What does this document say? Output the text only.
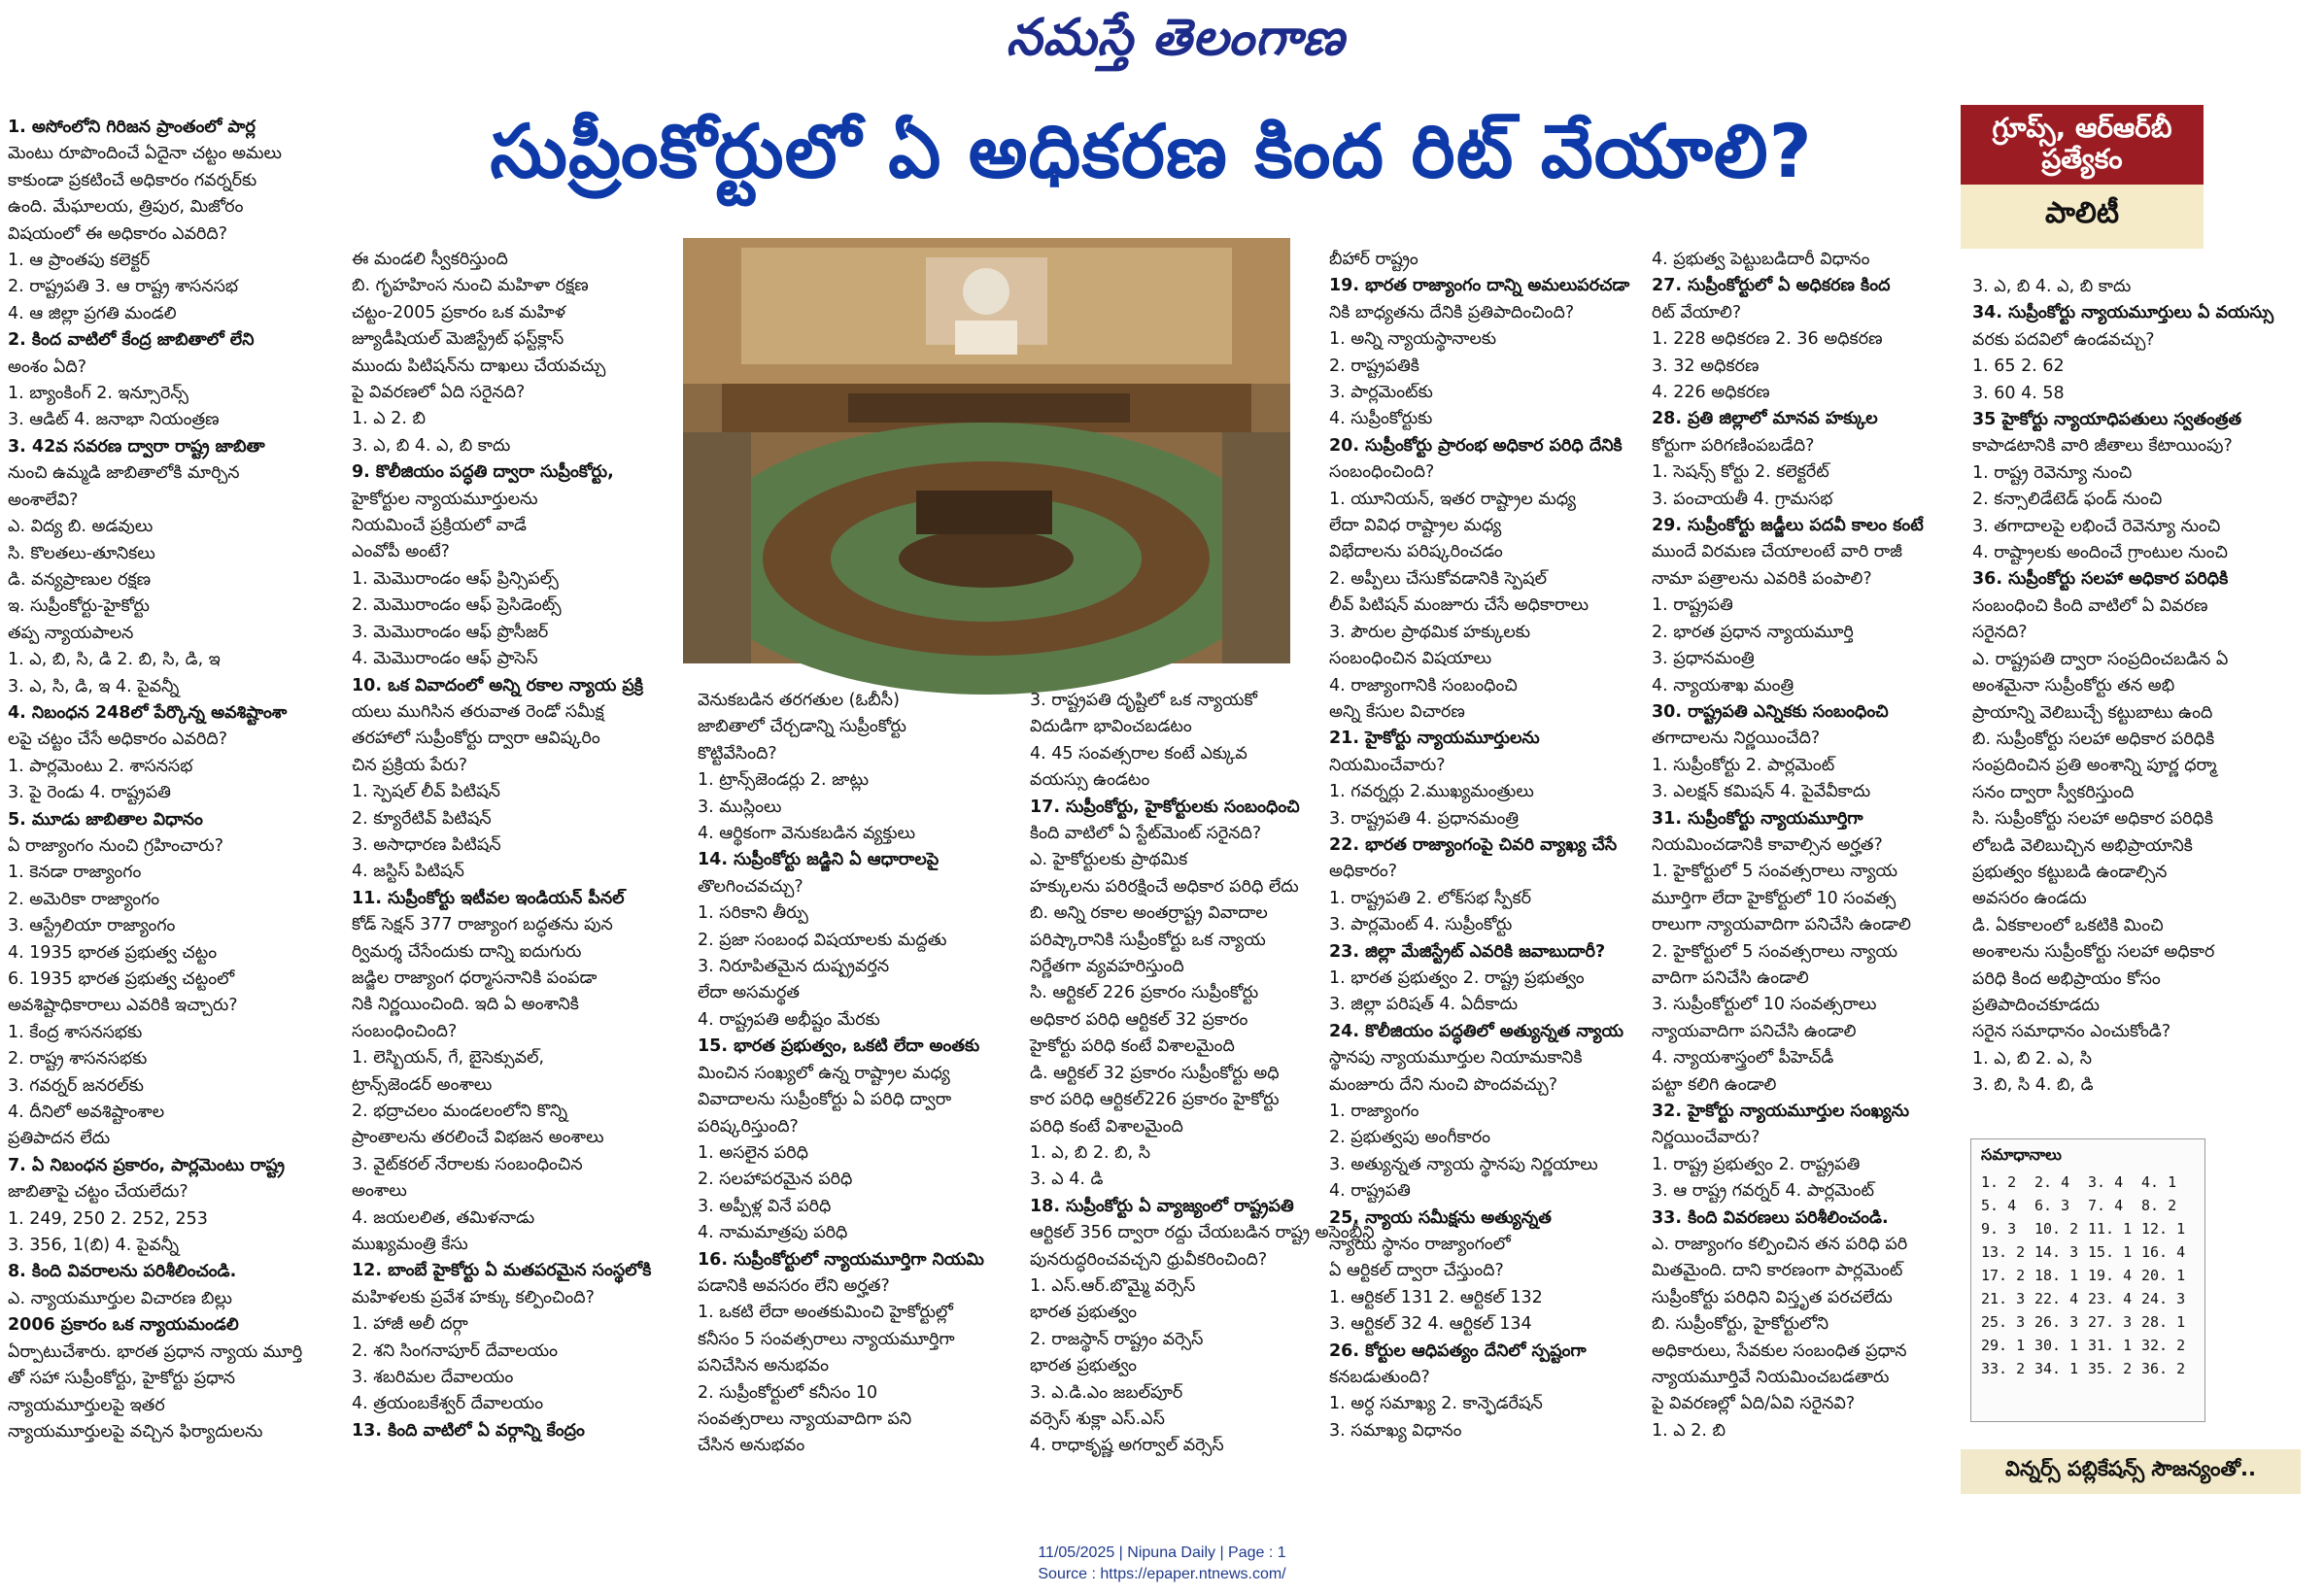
నమస్తే తెలంగాణ
సుప్రీంకోర్టులో ఏ అధికరణ కింద రిట్ వేయాలి?	గ్రూప్స్, ఆర్ఆర్‌బీ
ప్రత్యేకం
పాలిటీ
1. అసోంలోని గిరిజన ప్రాంతంలో పార్ల
మెంటు రూపొందించే ఏదైనా చట్టం అమలు
కాకుండా ప్రకటించే అధికారం గవర్నర్‌కు
ఉంది. మేఘాలయ, త్రిపుర, మిజోరం
విషయంలో ఈ అధికారం ఎవరిది?
1. ఆ ప్రాంతపు కలెక్టర్
2. రాష్ట్రపతి 3. ఆ రాష్ట్ర శాసనసభ
4. ఆ జిల్లా ప్రగతి మండలి
2. కింద వాటిలో కేంద్ర జాబితాలో లేని
అంశం ఏది?
1. బ్యాంకింగ్ 2. ఇన్సూరెన్స్
3. ఆడిట్ 4. జనాభా నియంత్రణ
3. 42వ సవరణ ద్వారా రాష్ట్ర జాబితా
నుంచి ఉమ్మడి జాబితాలోకి మార్చిన
అంశాలేవి?
ఎ. విద్య బి. అడవులు
సి. కొలతలు-తూనికలు
డి. వన్యప్రాణుల రక్షణ
ఇ. సుప్రీంకోర్టు-హైకోర్టు
తప్ప న్యాయపాలన
1. ఎ, బి, సి, డి 2. బి, సి, డి, ఇ
3. ఎ, సి, డి, ఇ 4. పైవన్నీ
4. నిబంధన 248లో పేర్కొన్న అవశిష్టాంశా
లపై చట్టం చేసే అధికారం ఎవరిది?
1. పార్లమెంటు 2. శాసనసభ
3. పై రెండు 4. రాష్ట్రపతి
5. మూడు జాబితాల విధానం
ఏ రాజ్యాంగం నుంచి గ్రహించారు?
1. కెనడా రాజ్యాంగం
2. అమెరికా రాజ్యాంగం
3. ఆస్ట్రేలియా రాజ్యాంగం
4. 1935 భారత ప్రభుత్వ చట్టం
6. 1935 భారత ప్రభుత్వ చట్టంలో
అవశిష్టాధికారాలు ఎవరికి ఇచ్చారు?
1. కేంద్ర శాసనసభకు
2. రాష్ట్ర శాసనసభకు
3. గవర్నర్ జనరల్‌కు
4. దీనిలో అవశిష్టాంశాల
ప్రతిపాదన లేదు
7. ఏ నిబంధన ప్రకారం, పార్లమెంటు రాష్ట్ర
జాబితాపై చట్టం చేయలేదు?
1. 249, 250 2. 252, 253
3. 356, 1(బి) 4. పైవన్నీ
8. కింది వివరాలను పరిశీలించండి.
ఎ. న్యాయమూర్తుల విచారణ బిల్లు
2006 ప్రకారం ఒక న్యాయమండలి
ఏర్పాటుచేశారు. భారత ప్రధాన న్యాయ మూర్తి
తో సహా సుప్రీంకోర్టు, హైకోర్టు ప్రధాన
న్యాయమూర్తులపై ఇతర
న్యాయమూర్తులపై వచ్చిన ఫిర్యాదులను
ఈ మండలి స్వీకరిస్తుంది
బి. గృహహింస నుంచి మహిళా రక్షణ
చట్టం-2005 ప్రకారం ఒక మహిళ
జ్యూడీషియల్ మెజిస్ట్రేట్ ఫస్ట్‌క్లాస్
ముందు పిటిషన్‌ను దాఖలు చేయవచ్చు
పై వివరణలో ఏది సరైనది?
1. ఎ 2. బి
3. ఎ, బి 4. ఎ, బి కాదు
9. కొలీజియం పద్ధతి ద్వారా సుప్రీంకోర్టు,
హైకోర్టుల న్యాయమూర్తులను
నియమించే ప్రక్రియలో వాడే
ఎంవోపీ అంటే?
1. మెమొరాండం ఆఫ్ ప్రిన్సిపల్స్
2. మెమొరాండం ఆఫ్ ప్రెసిడెంట్స్
3. మెమొరాండం ఆఫ్ ప్రొసీజర్
4. మెమొరాండం ఆఫ్ ప్రాసెస్
10. ఒక వివాదంలో అన్ని రకాల న్యాయ ప్రక్రి
యలు ముగిసిన తరువాత రెండో సమీక్ష
తరహాలో సుప్రీంకోర్టు ద్వారా ఆవిష్కరిం
చిన ప్రక్రియ పేరు?
1. స్పెషల్ లీవ్ పిటిషన్
2. క్యూరేటివ్ పిటిషన్
3. అసాధారణ పిటిషన్
4. జస్టిస్ పిటిషన్
11. సుప్రీంకోర్టు ఇటీవల ఇండియన్ పీనల్
కోడ్ సెక్షన్ 377 రాజ్యాంగ బద్ధతను పున
ర్విమర్శ చేసేందుకు దాన్ని ఐదుగురు
జడ్జిల రాజ్యాంగ ధర్మాసనానికి పంపడా
నికి నిర్ణయించింది. ఇది ఏ అంశానికి
సంబంధించింది?
1. లెస్బియన్, గే, బైసెక్సువల్,
ట్రాన్స్‌జెండర్ అంశాలు
2. భద్రాచలం మండలంలోని కొన్ని
ప్రాంతాలను తరలించే విభజన అంశాలు
3. వైట్‌కరల్ నేరాలకు సంబంధించిన
అంశాలు
4. జయలలిత, తమిళనాడు
ముఖ్యమంత్రి కేసు
12. బాంబే హైకోర్టు ఏ మతపరమైన సంస్థలోకి
మహిళలకు ప్రవేశ హక్కు కల్పించింది?
1. హాజీ అలీ దర్గా
2. శని సింగనాపూర్ దేవాలయం
3. శబరిమల దేవాలయం
4. త్రయంబకేశ్వర్ దేవాలయం
13. కింది వాటిలో ఏ వర్గాన్ని కేంద్రం
వెనుకబడిన తరగతుల (ఓబీసీ)
జాబితాలో చేర్చడాన్ని సుప్రీంకోర్టు
కొట్టివేసింది?
1. ట్రాన్స్‌జెండర్లు 2. జాట్లు
3. ముస్లింలు
4. ఆర్థికంగా వెనుకబడిన వ్యక్తులు
14. సుప్రీంకోర్టు జడ్జిని ఏ ఆధారాలపై
తొలగించవచ్చు?
1. సరికాని తీర్పు
2. ప్రజా సంబంధ విషయాలకు మద్దతు
3. నిరూపితమైన దుష్ప్రవర్తన
లేదా అసమర్థత
4. రాష్ట్రపతి అభీష్టం మేరకు
15. భారత ప్రభుత్వం, ఒకటి లేదా అంతకు
మించిన సంఖ్యలో ఉన్న రాష్ట్రాల మధ్య
వివాదాలను సుప్రీంకోర్టు ఏ పరిధి ద్వారా
పరిష్కరిస్తుంది?
1. అసలైన పరిధి
2. సలహాపరమైన పరిధి
3. అప్పీళ్ల వినే పరిధి
4. నామమాత్రపు పరిధి
16. సుప్రీంకోర్టులో న్యాయమూర్తిగా నియమి
పడానికి అవసరం లేని అర్హత?
1. ఒకటి లేదా అంతకుమించి హైకోర్టుల్లో
కనీసం 5 సంవత్సరాలు న్యాయమూర్తిగా
పనిచేసిన అనుభవం
2. సుప్రీంకోర్టులో కనీసం 10
సంవత్సరాలు న్యాయవాదిగా పని
చేసిన అనుభవం
3. రాష్ట్రపతి దృష్టిలో ఒక న్యాయకో
విదుడిగా భావించబడటం
4. 45 సంవత్సరాల కంటే ఎక్కువ
వయస్సు ఉండటం
17. సుప్రీంకోర్టు, హైకోర్టులకు సంబంధించి
కింది వాటిలో ఏ స్టేట్‌మెంట్ సరైనది?
ఎ. హైకోర్టులకు ప్రాథమిక
హక్కులను పరిరక్షించే అధికార పరిధి లేదు
బి. అన్ని రకాల అంతర్రాష్ట్ర వివాదాల
పరిష్కారానికి సుప్రీంకోర్టు ఒక న్యాయ
నిర్ణేతగా వ్యవహరిస్తుంది
సి. ఆర్టికల్ 226 ప్రకారం సుప్రీంకోర్టు
అధికార పరిధి ఆర్టికల్ 32 ప్రకారం
హైకోర్టు పరిధి కంటే విశాలమైంది
డి. ఆర్టికల్ 32 ప్రకారం సుప్రీంకోర్టు అధి
కార పరిధి ఆర్టికల్226 ప్రకారం హైకోర్టు
పరిధి కంటే విశాలమైంది
1. ఎ, బి 2. బి, సి
3. ఎ 4. డి
18. సుప్రీంకోర్టు ఏ వ్యాజ్యంలో రాష్ట్రపతి
ఆర్టికల్ 356 ద్వారా రద్దు చేయబడిన రాష్ట్ర అసెంబ్లీని
పునరుద్ధరించవచ్చని ధ్రువీకరించింది?
1. ఎస్.ఆర్.బొమ్మై వర్సెస్
భారత ప్రభుత్వం
2. రాజస్థాన్ రాష్ట్రం వర్సెస్
భారత ప్రభుత్వం
3. ఎ.డి.ఎం జబల్‌పూర్
వర్సెస్ శుక్లా ఎస్.ఎస్
4. రాధాకృష్ణ అగర్వాల్ వర్సెస్
బీహార్ రాష్ట్రం
19. భారత రాజ్యాంగం దాన్ని అమలుపరచడా
నికి బాధ్యతను దేనికి ప్రతిపాదించింది?
1. అన్ని న్యాయస్థానాలకు
2. రాష్ట్రపతికి
3. పార్లమెంట్‌కు
4. సుప్రీంకోర్టుకు
20. సుప్రీంకోర్టు ప్రారంభ అధికార పరిధి దేనికి
సంబంధించింది?
1. యూనియన్, ఇతర రాష్ట్రాల మధ్య
లేదా వివిధ రాష్ట్రాల మధ్య
విభేదాలను పరిష్కరించడం
2. అప్పీలు చేసుకోవడానికి స్పెషల్
లీవ్ పిటిషన్ మంజూరు చేసే అధికారాలు
3. పౌరుల ప్రాథమిక హక్కులకు
సంబంధించిన విషయాలు
4. రాజ్యాంగానికి సంబంధించి
అన్ని కేసుల విచారణ
21. హైకోర్టు న్యాయమూర్తులను
నియమించేవారు?
1. గవర్నర్లు 2.ముఖ్యమంత్రులు
3. రాష్ట్రపతి 4. ప్రధానమంత్రి
22. భారత రాజ్యాంగంపై చివరి వ్యాఖ్య చేసే
అధికారం?
1. రాష్ట్రపతి 2. లోక్‌సభ స్పీకర్
3. పార్లమెంట్ 4. సుప్రీంకోర్టు
23. జిల్లా మేజిస్ట్రేట్ ఎవరికి జవాబుదారీ?
1. భారత ప్రభుత్వం 2. రాష్ట్ర ప్రభుత్వం
3. జిల్లా పరిషత్ 4. ఏదీకాదు
24. కొలీజియం పద్ధతిలో అత్యున్నత న్యాయ
స్థానపు న్యాయమూర్తుల నియామకానికి
మంజూరు దేని నుంచి పొందవచ్చు?
1. రాజ్యాంగం
2. ప్రభుత్వపు అంగీకారం
3. అత్యున్నత న్యాయ స్థానపు నిర్ణయాలు
4. రాష్ట్రపతి
25. న్యాయ సమీక్షను అత్యున్నత
న్యాయ స్థానం రాజ్యాంగంలో
ఏ ఆర్టికల్ ద్వారా చేస్తుంది?
1. ఆర్టికల్ 131 2. ఆర్టికల్ 132
3. ఆర్టికల్ 32 4. ఆర్టికల్ 134
26. కోర్టుల ఆధిపత్యం దేనిలో స్పష్టంగా
కనబడుతుంది?
1. అర్ధ సమాఖ్య 2. కాన్ఫెడరేషన్
3. సమాఖ్య విధానం
4. ప్రభుత్వ పెట్టుబడిదారీ విధానం
27. సుప్రీంకోర్టులో ఏ అధికరణ కింద
రిట్ వేయాలి?
1. 228 అధికరణ 2. 36 అధికరణ
3. 32 అధికరణ
4. 226 అధికరణ
28. ప్రతి జిల్లాలో మానవ హక్కుల
కోర్టుగా పరిగణింపబడేది?
1. సెషన్స్ కోర్టు 2. కలెక్టరేట్
3. పంచాయతీ 4. గ్రామసభ
29. సుప్రీంకోర్టు జడ్జీలు పదవీ కాలం కంటే
ముందే విరమణ చేయాలంటే వారి రాజీ
నామా పత్రాలను ఎవరికి పంపాలి?
1. రాష్ట్రపతి
2. భారత ప్రధాన న్యాయమూర్తి
3. ప్రధానమంత్రి
4. న్యాయశాఖ మంత్రి
30. రాష్ట్రపతి ఎన్నికకు సంబంధించి
తగాదాలను నిర్ణయించేది?
1. సుప్రీంకోర్టు 2. పార్లమెంట్
3. ఎలక్షన్ కమిషన్ 4. పైవేవీకాదు
31. సుప్రీంకోర్టు న్యాయమూర్తిగా
నియమించడానికి కావాల్సిన అర్హత?
1. హైకోర్టులో 5 సంవత్సరాలు న్యాయ
మూర్తిగా లేదా హైకోర్టులో 10 సంవత్స
రాలుగా న్యాయవాదిగా పనిచేసి ఉండాలి
2. హైకోర్టులో 5 సంవత్సరాలు న్యాయ
వాదిగా పనిచేసి ఉండాలి
3. సుప్రీంకోర్టులో 10 సంవత్సరాలు
న్యాయవాదిగా పనిచేసి ఉండాలి
4. న్యాయశాస్త్రంలో పీహెచ్‌డీ
పట్టా కలిగి ఉండాలి
32. హైకోర్టు న్యాయమూర్తుల సంఖ్యను
నిర్ణయించేవారు?
1. రాష్ట్ర ప్రభుత్వం 2. రాష్ట్రపతి
3. ఆ రాష్ట్ర గవర్నర్ 4. పార్లమెంట్
33. కింది వివరణలు పరిశీలించండి.
ఎ. రాజ్యాంగం కల్పించిన తన పరిధి పరి
మితమైంది. దాని కారణంగా పార్లమెంట్
సుప్రీంకోర్టు పరిధిని విస్తృత పరచలేదు
బి. సుప్రీంకోర్టు, హైకోర్టులోని
అధికారులు, సేవకుల సంబంధిత ప్రధాన
న్యాయమూర్తివే నియమించబడతారు
పై వివరణల్లో ఏది/ఏవి సరైనవి?
1. ఎ 2. బి
3. ఎ, బి 4. ఎ, బి కాదు
34. సుప్రీంకోర్టు న్యాయమూర్తులు ఏ వయస్సు
వరకు పదవిలో ఉండవచ్చు?
1. 65 2. 62
3. 60 4. 58
35 హైకోర్టు న్యాయాధిపతులు స్వతంత్రత
కాపాడటానికి వారి జీతాలు కేటాయింపు?
1. రాష్ట్ర రెవెన్యూ నుంచి
2. కన్సాలిడేటెడ్ ఫండ్ నుంచి
3. తగాదాలపై లభించే రెవెన్యూ నుంచి
4. రాష్ట్రాలకు అందించే గ్రాంటుల నుంచి
36. సుప్రీంకోర్టు సలహా అధికార పరిధికి
సంబంధించి కింది వాటిలో ఏ వివరణ
సరైనది?
ఎ. రాష్ట్రపతి ద్వారా సంప్రదించబడిన ఏ
అంశమైనా సుప్రీంకోర్టు తన అభి
ప్రాయాన్ని వెలిబుచ్చే కట్టుబాటు ఉంది
బి. సుప్రీంకోర్టు సలహా అధికార పరిధికి
సంప్రదించిన ప్రతి అంశాన్ని పూర్ణ ధర్మా
సనం ద్వారా స్వీకరిస్తుంది
సి. సుప్రీంకోర్టు సలహా అధికార పరిధికి
లోబడి వెలిబుచ్చిన అభిప్రాయానికి
ప్రభుత్వం కట్టుబడి ఉండాల్సిన
అవసరం ఉండదు
డి. ఏకకాలంలో ఒకటికి మించి
అంశాలను సుప్రీంకోర్టు సలహా అధికార
పరిధి కింద అభిప్రాయం కోసం
ప్రతిపాదించకూడదు
సరైన సమాధానం ఎంచుకోండి?
1. ఎ, బి 2. ఎ, సి
3. బి, సి 4. బి, డి
సమాధానాలు
1. 2	2. 4	3. 4	4. 1
5. 4	6. 3	7. 4	8. 2
9. 3	10. 2 11. 1 12. 1
13. 2 14. 3 15. 1 16. 4
17. 2 18. 1 19. 4 20. 1
21. 3 22. 4 23. 4 24. 3
25. 3 26. 3 27. 3 28. 1
29. 1 30. 1 31. 1 32. 2
33. 2 34. 1 35. 2 36. 2
విన్నర్స్ పబ్లికేషన్స్ సౌజన్యంతో..
11/05/2025 | Nipuna Daily | Page : 1
Source : https://epaper.ntnews.com/
